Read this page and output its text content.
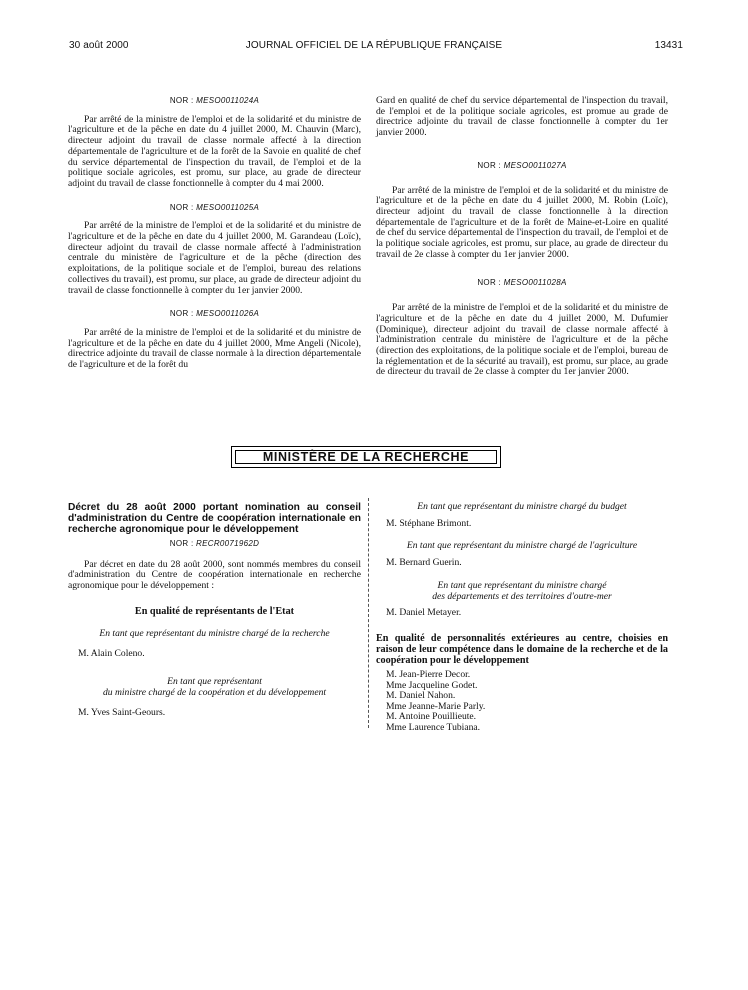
30 août 2000	JOURNAL OFFICIEL DE LA RÉPUBLIQUE FRANÇAISE	13431
NOR : MESO0011024A

Par arrêté de la ministre de l'emploi et de la solidarité et du ministre de l'agriculture et de la pêche en date du 4 juillet 2000, M. Chauvin (Marc), directeur adjoint du travail de classe normale affecté à la direction départementale de l'agriculture et de la forêt de la Savoie en qualité de chef du service départemental de l'inspection du travail, de l'emploi et de la politique sociale agricoles, est promu, sur place, au grade de directeur adjoint du travail de classe fonctionnelle à compter du 4 mai 2000.

NOR : MESO0011025A

Par arrêté de la ministre de l'emploi et de la solidarité et du ministre de l'agriculture et de la pêche en date du 4 juillet 2000, M. Garandeau (Loïc), directeur adjoint du travail de classe normale affecté à l'administration centrale du ministère de l'agriculture et de la pêche (direction des exploitations, de la politique sociale et de l'emploi, bureau des relations collectives du travail), est promu, sur place, au grade de directeur adjoint du travail de classe fonctionnelle à compter du 1er janvier 2000.

NOR : MESO0011026A

Par arrêté de la ministre de l'emploi et de la solidarité et du ministre de l'agriculture et de la pêche en date du 4 juillet 2000, Mme Angeli (Nicole), directrice adjointe du travail de classe normale à la direction départementale de l'agriculture et de la forêt du

Gard en qualité de chef du service départemental de l'inspection du travail, de l'emploi et de la politique sociale agricoles, est promue au grade de directrice adjointe du travail de classe fonctionnelle à compter du 1er janvier 2000.

NOR : MESO0011027A

Par arrêté de la ministre de l'emploi et de la solidarité et du ministre de l'agriculture et de la pêche en date du 4 juillet 2000, M. Robin (Loïc), directeur adjoint du travail de classe fonctionnelle à la direction départementale de l'agriculture et de la forêt de Maine-et-Loire en qualité de chef du service départemental de l'inspection du travail, de l'emploi et de la politique sociale agricoles, est promu, sur place, au grade de directeur du travail de 2e classe à compter du 1er janvier 2000.

NOR : MESO0011028A

Par arrêté de la ministre de l'emploi et de la solidarité et du ministre de l'agriculture et de la pêche en date du 4 juillet 2000, M. Dufumier (Dominique), directeur adjoint du travail de classe normale affecté à l'administration centrale du ministère de l'agriculture et de la pêche (direction des exploitations, de la politique sociale et de l'emploi, bureau de la réglementation et de la sécurité au travail), est promu, sur place, au grade de directeur du travail de 2e classe à compter du 1er janvier 2000.

MINISTÈRE DE LA RECHERCHE

Décret du 28 août 2000 portant nomination au conseil d'administration du Centre de coopération internationale en recherche agronomique pour le développement

NOR : RECR0071962D

Par décret en date du 28 août 2000, sont nommés membres du conseil d'administration du Centre de coopération internationale en recherche agronomique pour le développement :

En qualité de représentants de l'Etat

En tant que représentant du ministre chargé de la recherche

M. Alain Coleno.

En tant que représentant

du ministre chargé de la coopération et du développement

M. Yves Saint-Geours.

En tant que représentant du ministre chargé du budget

M. Stéphane Brimont.

En tant que représentant du ministre chargé de l'agriculture

M. Bernard Guerin.

En tant que représentant du ministre chargé

des départements et des territoires d'outre-mer

M. Daniel Metayer.

En qualité de personnalités extérieures au centre, choisies en raison de leur compétence dans le domaine de la recherche et de la coopération pour le développement

M. Jean-Pierre Decor.

Mme Jacqueline Godet.

M. Daniel Nahon.

Mme Jeanne-Marie Parly.

M. Antoine Pouillieute.

Mme Laurence Tubiana.
